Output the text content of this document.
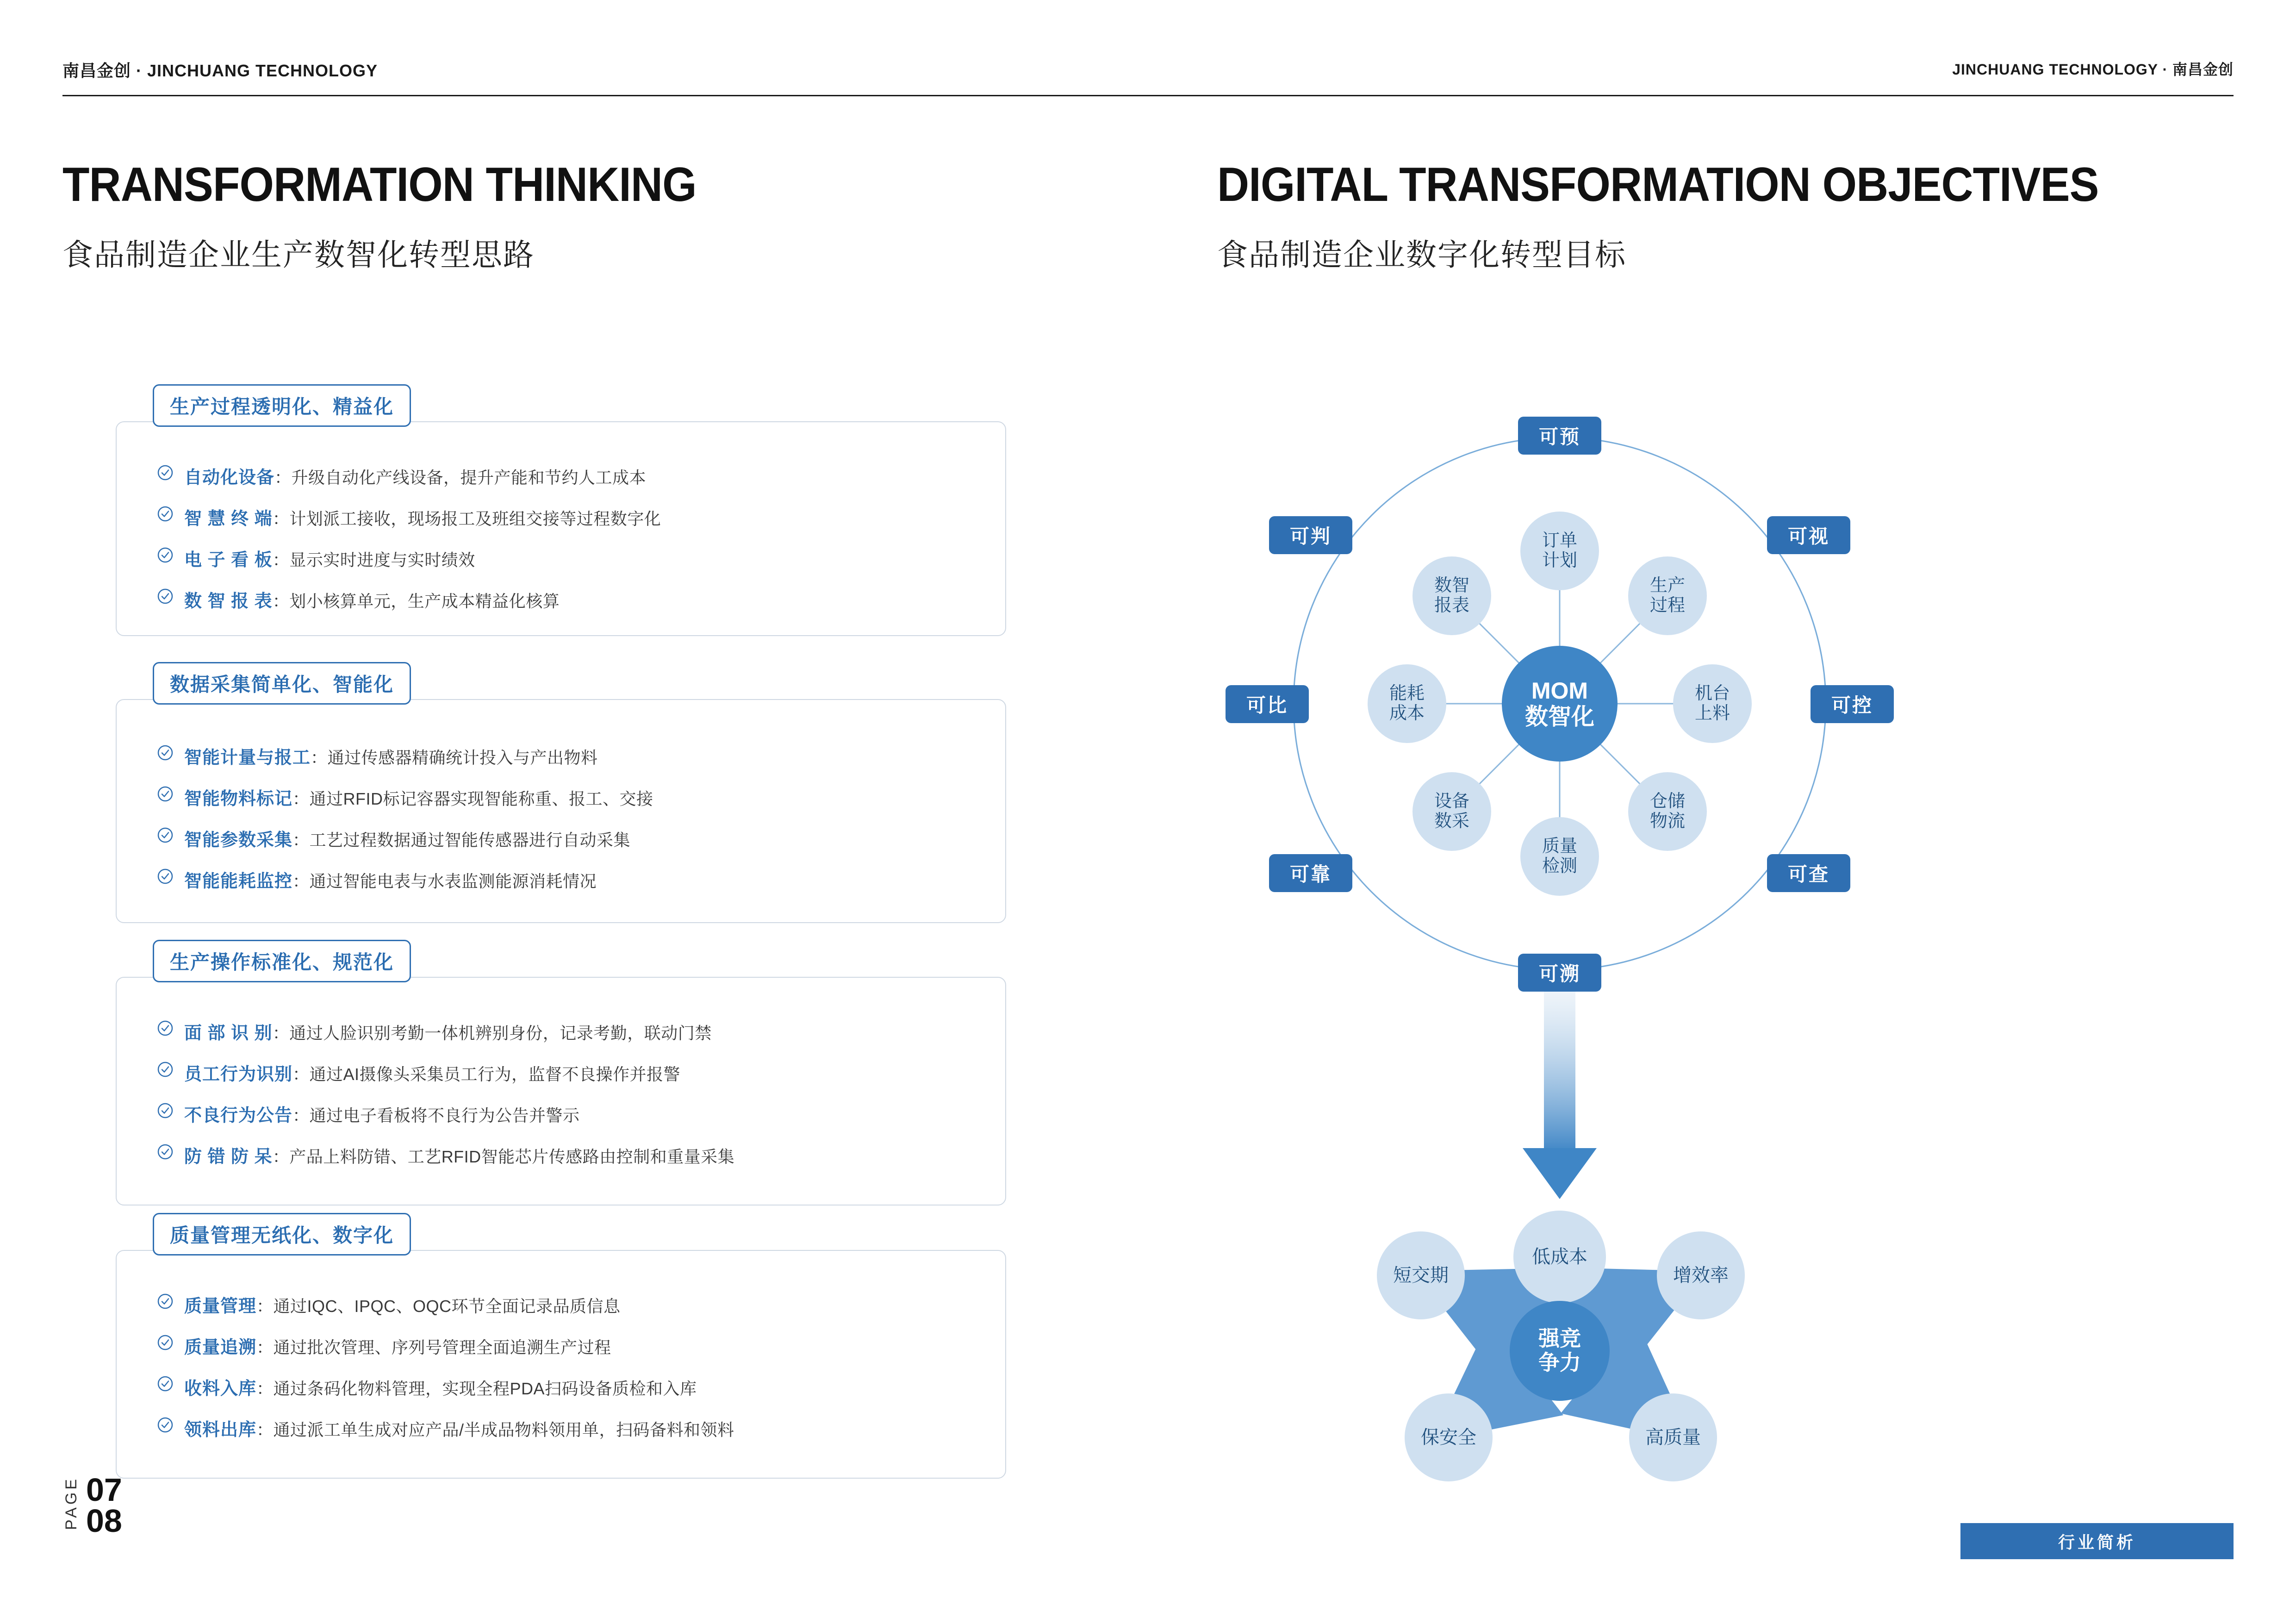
南昌金创 · JINCHUANG TECHNOLOGY	JINCHUANG TECHNOLOGY · 南昌金创
TRANSFORMATION THINKING
食品制造企业生产数智化转型思路
DIGITAL TRANSFORMATION OBJECTIVES
食品制造企业数字化转型目标
生产过程透明化、精益化
自动化设备 ：升级自动化产线设备，提升产能和节约人工成本
智 慧 终 端 ：计划派工接收，现场报工及班组交接等过程数字化
电 子 看 板 ：显示实时进度与实时绩效
数 智 报 表 ：划小核算单元，生产成本精益化核算
数据采集简单化、智能化
智能计量与报工 ：通过传感器精确统计投入与产出物料
智能物料标记 ：通过RFID标记容器实现智能称重、报工、交接
智能参数采集 ：工艺过程数据通过智能传感器进行自动采集
智能能耗监控 ：通过智能电表与水表监测能源消耗情况
生产操作标准化、规范化
面 部 识 别 ：通过人脸识别考勤一体机辨别身份，记录考勤，联动门禁
员工行为识别 ：通过AI摄像头采集员工行为，监督不良操作并报警
不良行为公告 ：通过电子看板将不良行为公告并警示
防 错 防 呆 ：产品上料防错、工艺RFID智能芯片传感路由控制和重量采集
质量管理无纸化、数字化
质量管理 ：通过IQC、IPQC、OQC环节全面记录品质信息
质量追溯 ：通过批次管理、序列号管理全面追溯生产过程
收料入库 ：通过条码化物料管理，实现全程PDA扫码设备质检和入库
领料出库 ：通过派工单生成对应产品/半成品物料领用单，扫码备料和领料
MOM
数智化
订单
计划
生产
过程
机台
上料
仓储
物流
质量
检测
设备
数采
能耗
成本
数智
报表
可预
可视
可控
可查
可溯
可靠
可比
可判
低成本
强竞
争力
增效率
高质量
保安全
短交期
PAGE 07
08
行业简析
